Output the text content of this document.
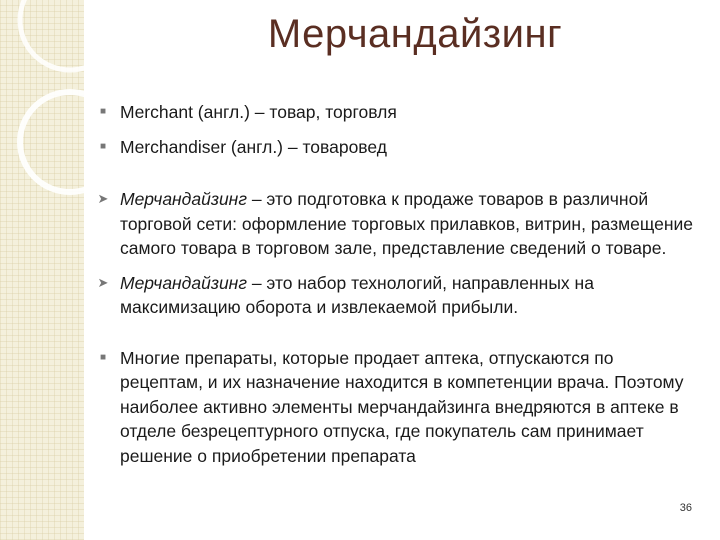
Мерчандайзинг
■ Merchant (англ.) – товар, торговля
■ Merchandiser (англ.) – товаровед
➤ Мерчандайзинг – это подготовка к продаже товаров в различной торговой сети: оформление торговых прилавков, витрин, размещение самого товара в торговом зале, представление сведений о товаре.
➤ Мерчандайзинг – это набор технологий, направленных на максимизацию оборота и извлекаемой прибыли.
■ Многие препараты, которые продает аптека, отпускаются по рецептам, и их назначение находится в компетенции врача. Поэтому наиболее активно элементы мерчандайзинга внедряются в аптеке в отделе безрецептурного отпуска, где покупатель сам принимает решение о приобретении препарата
36
